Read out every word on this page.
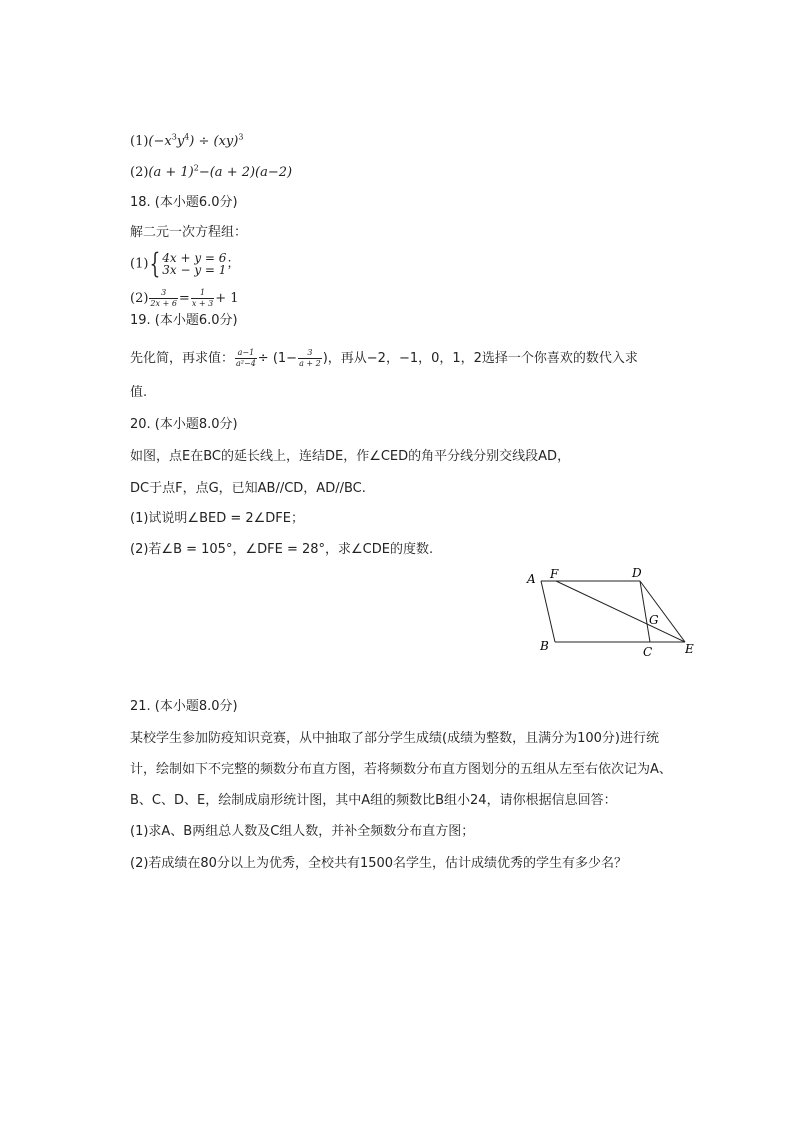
$(1)(-x^3y^4) \div (xy)^3$
$(2)(a + 1)^2-(a + 2)(a-2)$
18. (本小题6.0分)
解二元一次方程组：
(1){ 4x + y = 6
3x − y = 1 ；
$(2) \frac{3}{2x + 6} = \frac{1}{x + 3} + 1$
19. (本小题6.0分)
先化简，再求值： $\frac{a-1}{\text{a²−4}} \div (1- \frac{3}{a + 2}$ )，再从−2，−1，0，1，2选择一个你喜欢的数代入求
值.
20. (本小题8.0分)
如图，点E在BC的延长线上，连结DE，作∠CED的角平分线分别交线段AD，
DC于点F，点G，已知AB//CD，AD//BC.
(1)试说明∠BED = 2∠DFE；
(2)若∠B = 105°，∠DFE = 28°，求∠CDE的度数.
A F	D
G
B	C	E
21. (本小题8.0分)
某校学生参加防疫知识竞赛，从中抽取了部分学生成绩(成绩为整数，且满分为100分)进行统
计，绘制如下不完整的频数分布直方图，若将频数分布直方图划分的五组从左至右依次记为A、
B、C、D、E，绘制成扇形统计图，其中A组的频数比B组小24，请你根据信息回答：
(1)求A、B两组总人数及C组人数，并补全频数分布直方图；
(2)若成绩在80分以上为优秀，全校共有1500名学生，估计成绩优秀的学生有多少名？
